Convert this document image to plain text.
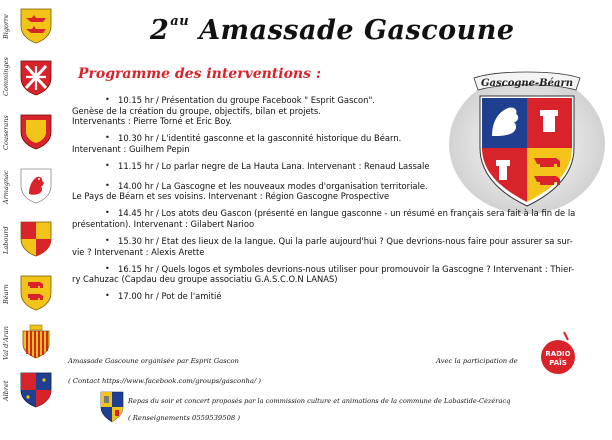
Bigorre
Comminges
Couserans
Armagnac
Labourd
Béarn
Val d'Aran
Albret
$2^{au}$ Amassade Gascoune
Programme des interventions :
Gascogne-Béarn
• 10.15 hr / Présentation du groupe Facebook " Esprit Gascon".
Genèse de la création du groupe, objectifs, bilan et projets.
Intervenants : Pierre Torné et Eric Boy.
• 10.30 hr / L'identité gasconne et la gasconnité historique du Béarn.
Intervenant : Guilhem Pepin
• 11.15 hr / Lo parlar negre de La Hauta Lana. Intervenant : Renaud Lassale
• 14.00 hr / La Gascogne et les nouveaux modes d'organisation territoriale.
Le Pays de Béarn et ses voisins. Intervenant : Région Gascogne Prospective
• 14.45 hr / Los atots deu Gascon (présenté en langue gasconne - un résumé en français sera fait à la fin de la
présentation). Intervenant : Gilabert Narioo
• 15.30 hr / Etat des lieux de la langue. Qui la parle aujourd'hui ? Que devrions-nous faire pour assurer sa sur-
vie ? Intervenant : Alexis Arette
• 16.15 hr / Quels logos et symboles devrions-nous utiliser pour promouvoir la Gascogne ? Intervenant : Thier-
ry Cahuzac (Capdau deu groupe associatiu G.A.S.C.O.N LANAS)
• 17.00 hr / Pot de l'amitié
Amassade Gascoune organisée par Esprit Gascon
( Contact https://www.facebook.com/groups/gasconha/ )
Repas du soir et concert proposés par la commission culture et animations de la commune de Labastide-Cézéracq
( Renseignements 0559539508 )
Avec la participation de
RADIO
PAÏS
